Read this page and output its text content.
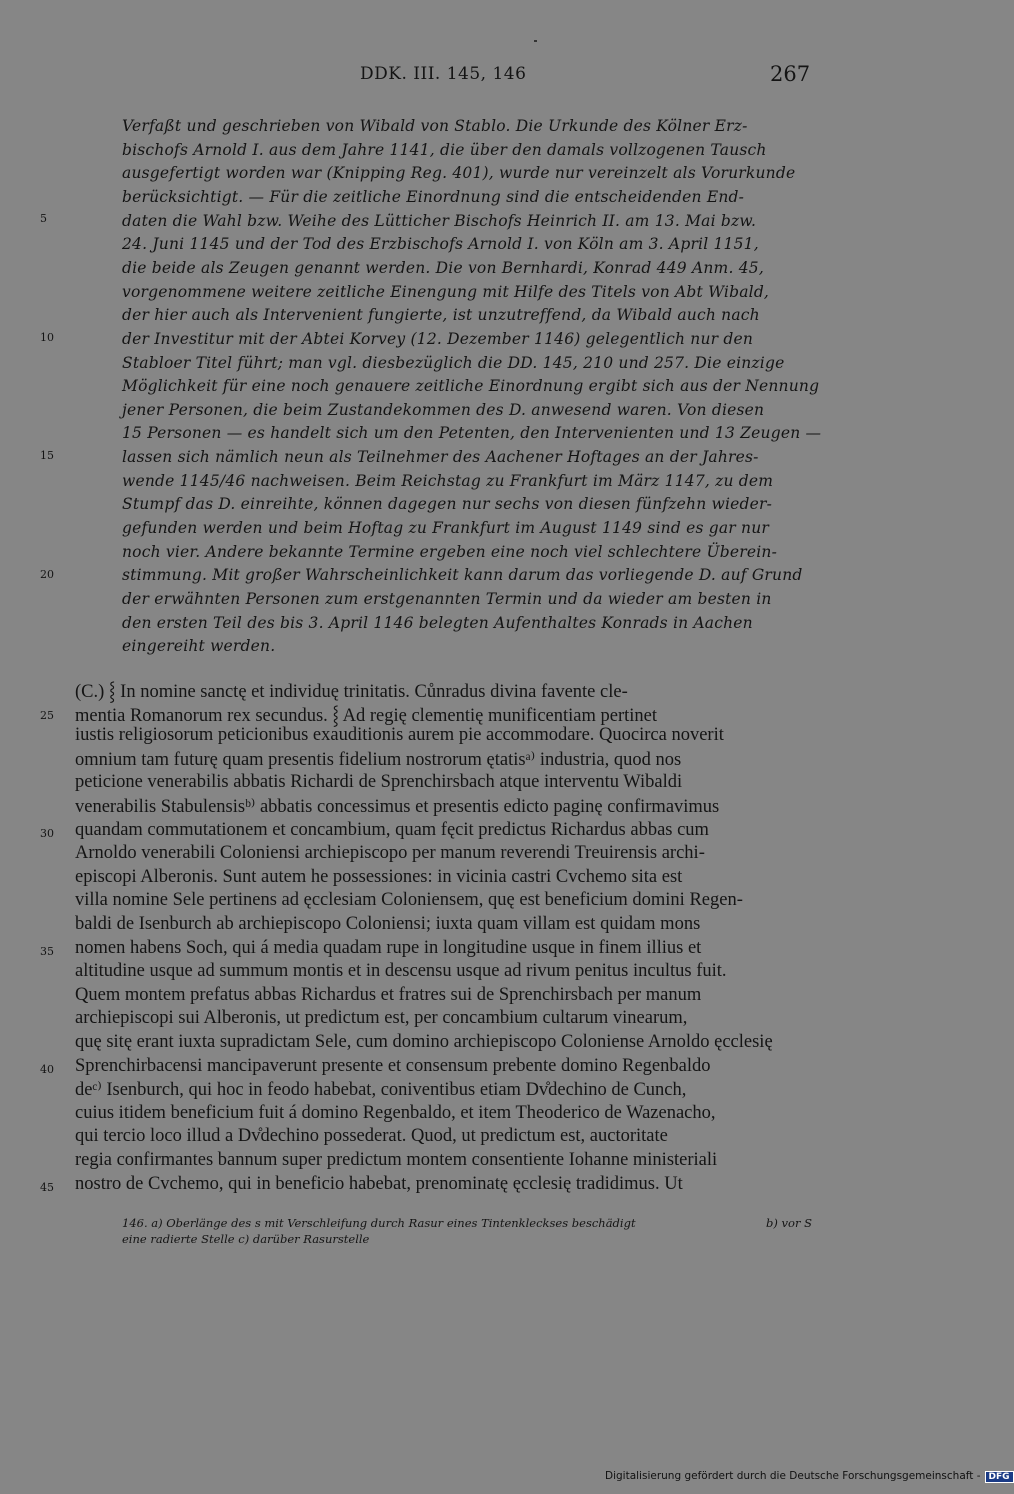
DDK. III. 145, 146	267
Verfaßt und geschrieben von Wibald von Stablo. Die Urkunde des Kölner Erz-
bischofs Arnold I. aus dem Jahre 1141, die über den damals vollzogenen Tausch
ausgefertigt worden war (Knipping Reg. 401), wurde nur vereinzelt als Vorurkunde
berücksichtigt. — Für die zeitliche Einordnung sind die entscheidenden End-
daten die Wahl bzw. Weihe des Lütticher Bischofs Heinrich II. am 13. Mai bzw.
24. Juni 1145 und der Tod des Erzbischofs Arnold I. von Köln am 3. April 1151,
die beide als Zeugen genannt werden. Die von Bernhardi, Konrad 449 Anm. 45,
vorgenommene weitere zeitliche Einengung mit Hilfe des Titels von Abt Wibald,
der hier auch als Intervenient fungierte, ist unzutreffend, da Wibald auch nach
der Investitur mit der Abtei Korvey (12. Dezember 1146) gelegentlich nur den
Stabloer Titel führt; man vgl. diesbezüglich die DD. 145, 210 und 257. Die einzige
Möglichkeit für eine noch genauere zeitliche Einordnung ergibt sich aus der Nennung
jener Personen, die beim Zustandekommen des D. anwesend waren. Von diesen
15 Personen — es handelt sich um den Petenten, den Intervenienten und 13 Zeugen —
lassen sich nämlich neun als Teilnehmer des Aachener Hoftages an der Jahres-
wende 1145/46 nachweisen. Beim Reichstag zu Frankfurt im März 1147, zu dem
Stumpf das D. einreihte, können dagegen nur sechs von diesen fünfzehn wieder-
gefunden werden und beim Hoftag zu Frankfurt im August 1149 sind es gar nur
noch vier. Andere bekannte Termine ergeben eine noch viel schlechtere Überein-
stimmung. Mit großer Wahrscheinlichkeit kann darum das vorliegende D. auf Grund
der erwähnten Personen zum erstgenannten Termin und da wieder am besten in
den ersten Teil des bis 3. April 1146 belegten Aufenthaltes Konrads in Aachen
eingereiht werden.
(C.) ⸾ In nomine sanctę et individuę trinitatis. Cůnradus divina favente cle-
mentia Romanorum rex secundus. ⸾ Ad regię clementię munificentiam pertinet
iustis religiosorum peticionibus exauditionis aurem pie accommodare. Quocirca noverit
omnium tam futurę quam presentis fidelium nostrorum ętatisᵃ⁾ industria, quod nos
peticione venerabilis abbatis Richardi de Sprenchirsbach atque interventu Wibaldi
venerabilis Stabulensisᵇ⁾ abbatis concessimus et presentis edicto paginę confirmavimus
quandam commutationem et concambium, quam fęcit predictus Richardus abbas cum
Arnoldo venerabili Coloniensi archiepiscopo per manum reverendi Treuirensis archi-
episcopi Alberonis. Sunt autem he possessiones: in vicinia castri Cvchemo sita est
villa nomine Sele pertinens ad ęcclesiam Coloniensem, quę est beneficium domini Regen-
baldi de Isenburch ab archiepiscopo Coloniensi; iuxta quam villam est quidam mons
nomen habens Soch, qui á media quadam rupe in longitudine usque in finem illius et
altitudine usque ad summum montis et in descensu usque ad rivum penitus incultus fuit.
Quem montem prefatus abbas Richardus et fratres sui de Sprenchirsbach per manum
archiepiscopi sui Alberonis, ut predictum est, per concambium cultarum vinearum,
quę sitę erant iuxta supradictam Sele, cum domino archiepiscopo Coloniense Arnoldo ęcclesię
Sprenchirbacensi mancipaverunt presente et consensum prebente domino Regenbaldo
deᶜ⁾ Isenburch, qui hoc in feodo habebat, coniventibus etiam Dv̊dechino de Cunch,
cuius itidem beneficium fuit á domino Regenbaldo, et item Theoderico de Wazenacho,
qui tercio loco illud a Dv̊dechino possederat. Quod, ut predictum est, auctoritate
regia confirmantes bannum super predictum montem consentiente Iohanne ministeriali
nostro de Cvchemo, qui in beneficio habebat, prenominatę ęcclesię tradidimus. Ut
5
10
15
20
25
30
35
40
45
146. a) Oberlänge des s mit Verschleifung durch Rasur eines Tintenkleckses beschädigt	b) vor S
eine radierte Stelle c) darüber Rasurstelle
Digitalisierung gefördert durch die Deutsche Forschungsgemeinschaft - DFG
